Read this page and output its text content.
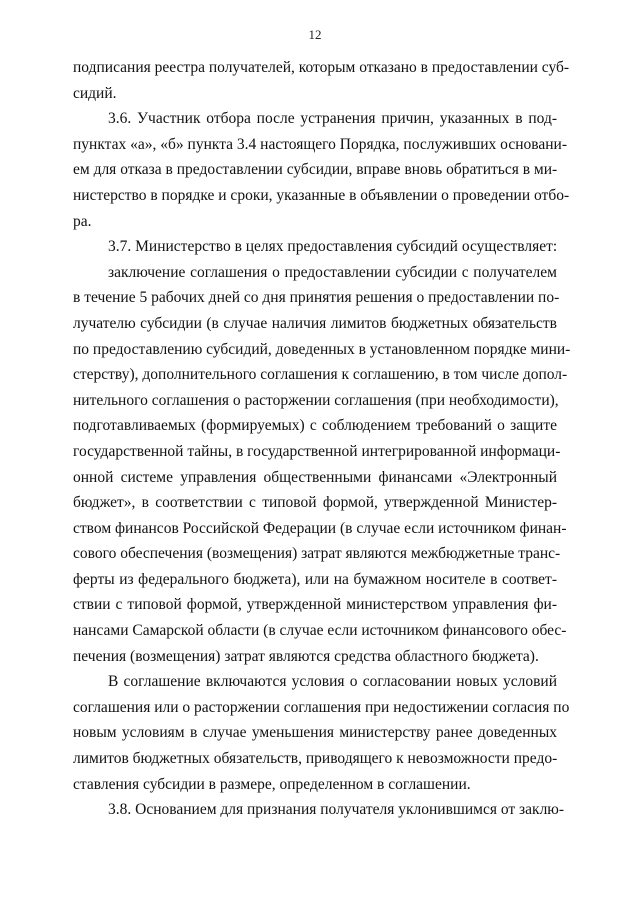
12
подписания реестра получателей, которым отказано в предоставлении суб-
сидий.
3.6. Участник отбора после устранения причин, указанных в под-
пунктах «а», «б» пункта 3.4 настоящего Порядка, послуживших основани-
ем для отказа в предоставлении субсидии, вправе вновь обратиться в ми-
нистерство в порядке и сроки, указанные в объявлении о проведении отбо-
ра.
3.7. Министерство в целях предоставления субсидий осуществляет:
заключение соглашения о предоставлении субсидии с получателем
в течение 5 рабочих дней со дня принятия решения о предоставлении по-
лучателю субсидии (в случае наличия лимитов бюджетных обязательств
по предоставлению субсидий, доведенных в установленном порядке мини-
стерству), дополнительного соглашения к соглашению, в том числе допол-
нительного соглашения о расторжении соглашения (при необходимости),
подготавливаемых (формируемых) с соблюдением требований о защите
государственной тайны, в государственной интегрированной информаци-
онной системе управления общественными финансами «Электронный
бюджет», в соответствии с типовой формой, утвержденной Министер-
ством финансов Российской Федерации (в случае если источником финан-
сового обеспечения (возмещения) затрат являются межбюджетные транс-
ферты из федерального бюджета), или на бумажном носителе в соответ-
ствии с типовой формой, утвержденной министерством управления фи-
нансами Самарской области (в случае если источником финансового обес-
печения (возмещения) затрат являются средства областного бюджета).
В соглашение включаются условия о согласовании новых условий
соглашения или о расторжении соглашения при недостижении согласия по
новым условиям в случае уменьшения министерству ранее доведенных
лимитов бюджетных обязательств, приводящего к невозможности предо-
ставления субсидии в размере, определенном в соглашении.
3.8. Основанием для признания получателя уклонившимся от заклю-
